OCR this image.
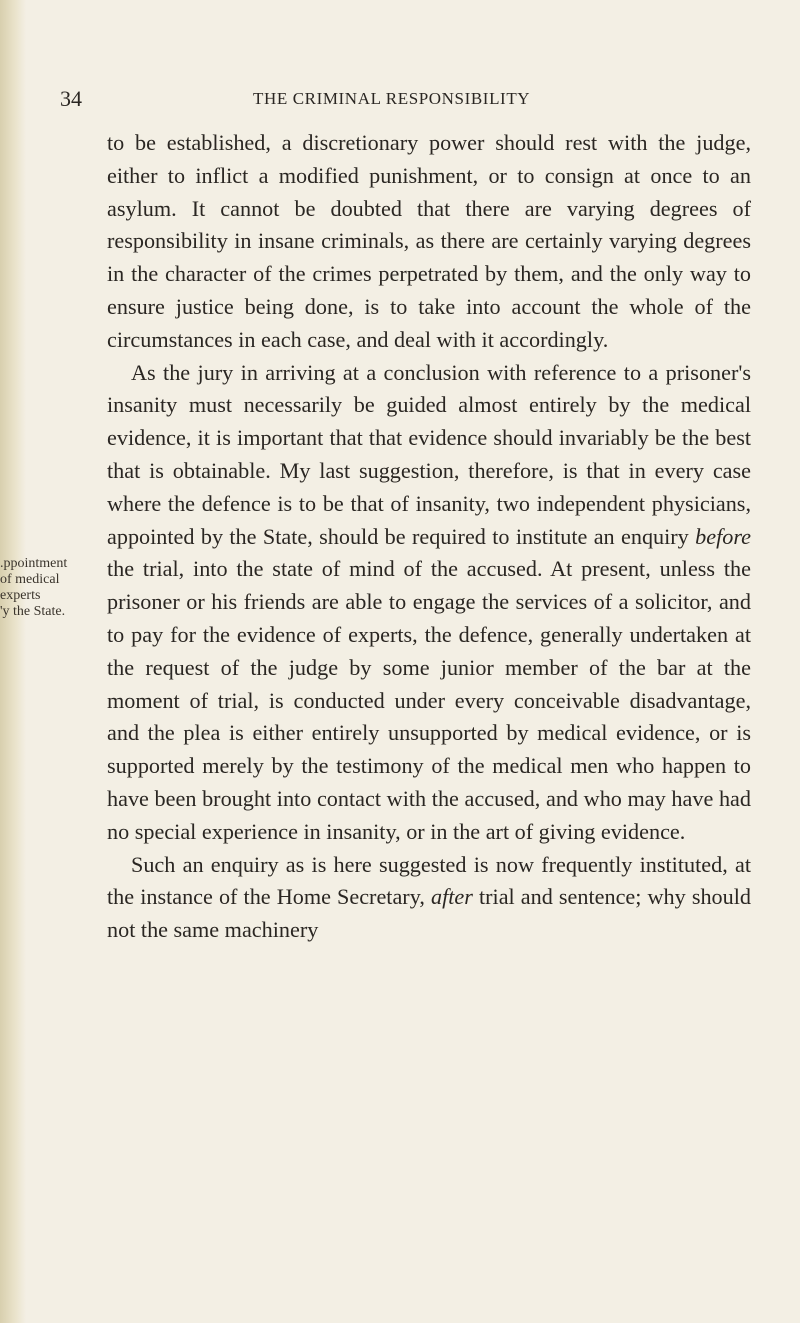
34	THE CRIMINAL RESPONSIBILITY
.ppointment
of medical
experts
'y the State.

to be established, a discretionary power should rest with the judge, either to inflict a modified punishment, or to consign at once to an asylum. It cannot be doubted that there are varying degrees of responsibility in insane criminals, as there are certainly varying degrees in the character of the crimes perpetrated by them, and the only way to ensure justice being done, is to take into account the whole of the circumstances in each case, and deal with it accordingly.

As the jury in arriving at a conclusion with reference to a prisoner's insanity must necessarily be guided almost entirely by the medical evidence, it is important that that evidence should invariably be the best that is obtainable. My last suggestion, therefore, is that in every case where the defence is to be that of insanity, two independent physicians, appointed by the State, should be required to institute an enquiry before the trial, into the state of mind of the accused. At present, unless the prisoner or his friends are able to engage the services of a solicitor, and to pay for the evidence of experts, the defence, generally undertaken at the request of the judge by some junior member of the bar at the moment of trial, is conducted under every conceivable disadvantage, and the plea is either entirely unsupported by medical evidence, or is supported merely by the testimony of the medical men who happen to have been brought into contact with the accused, and who may have had no special experience in insanity, or in the art of giving evidence.

Such an enquiry as is here suggested is now frequently instituted, at the instance of the Home Secretary, after trial and sentence; why should not the same machinery
